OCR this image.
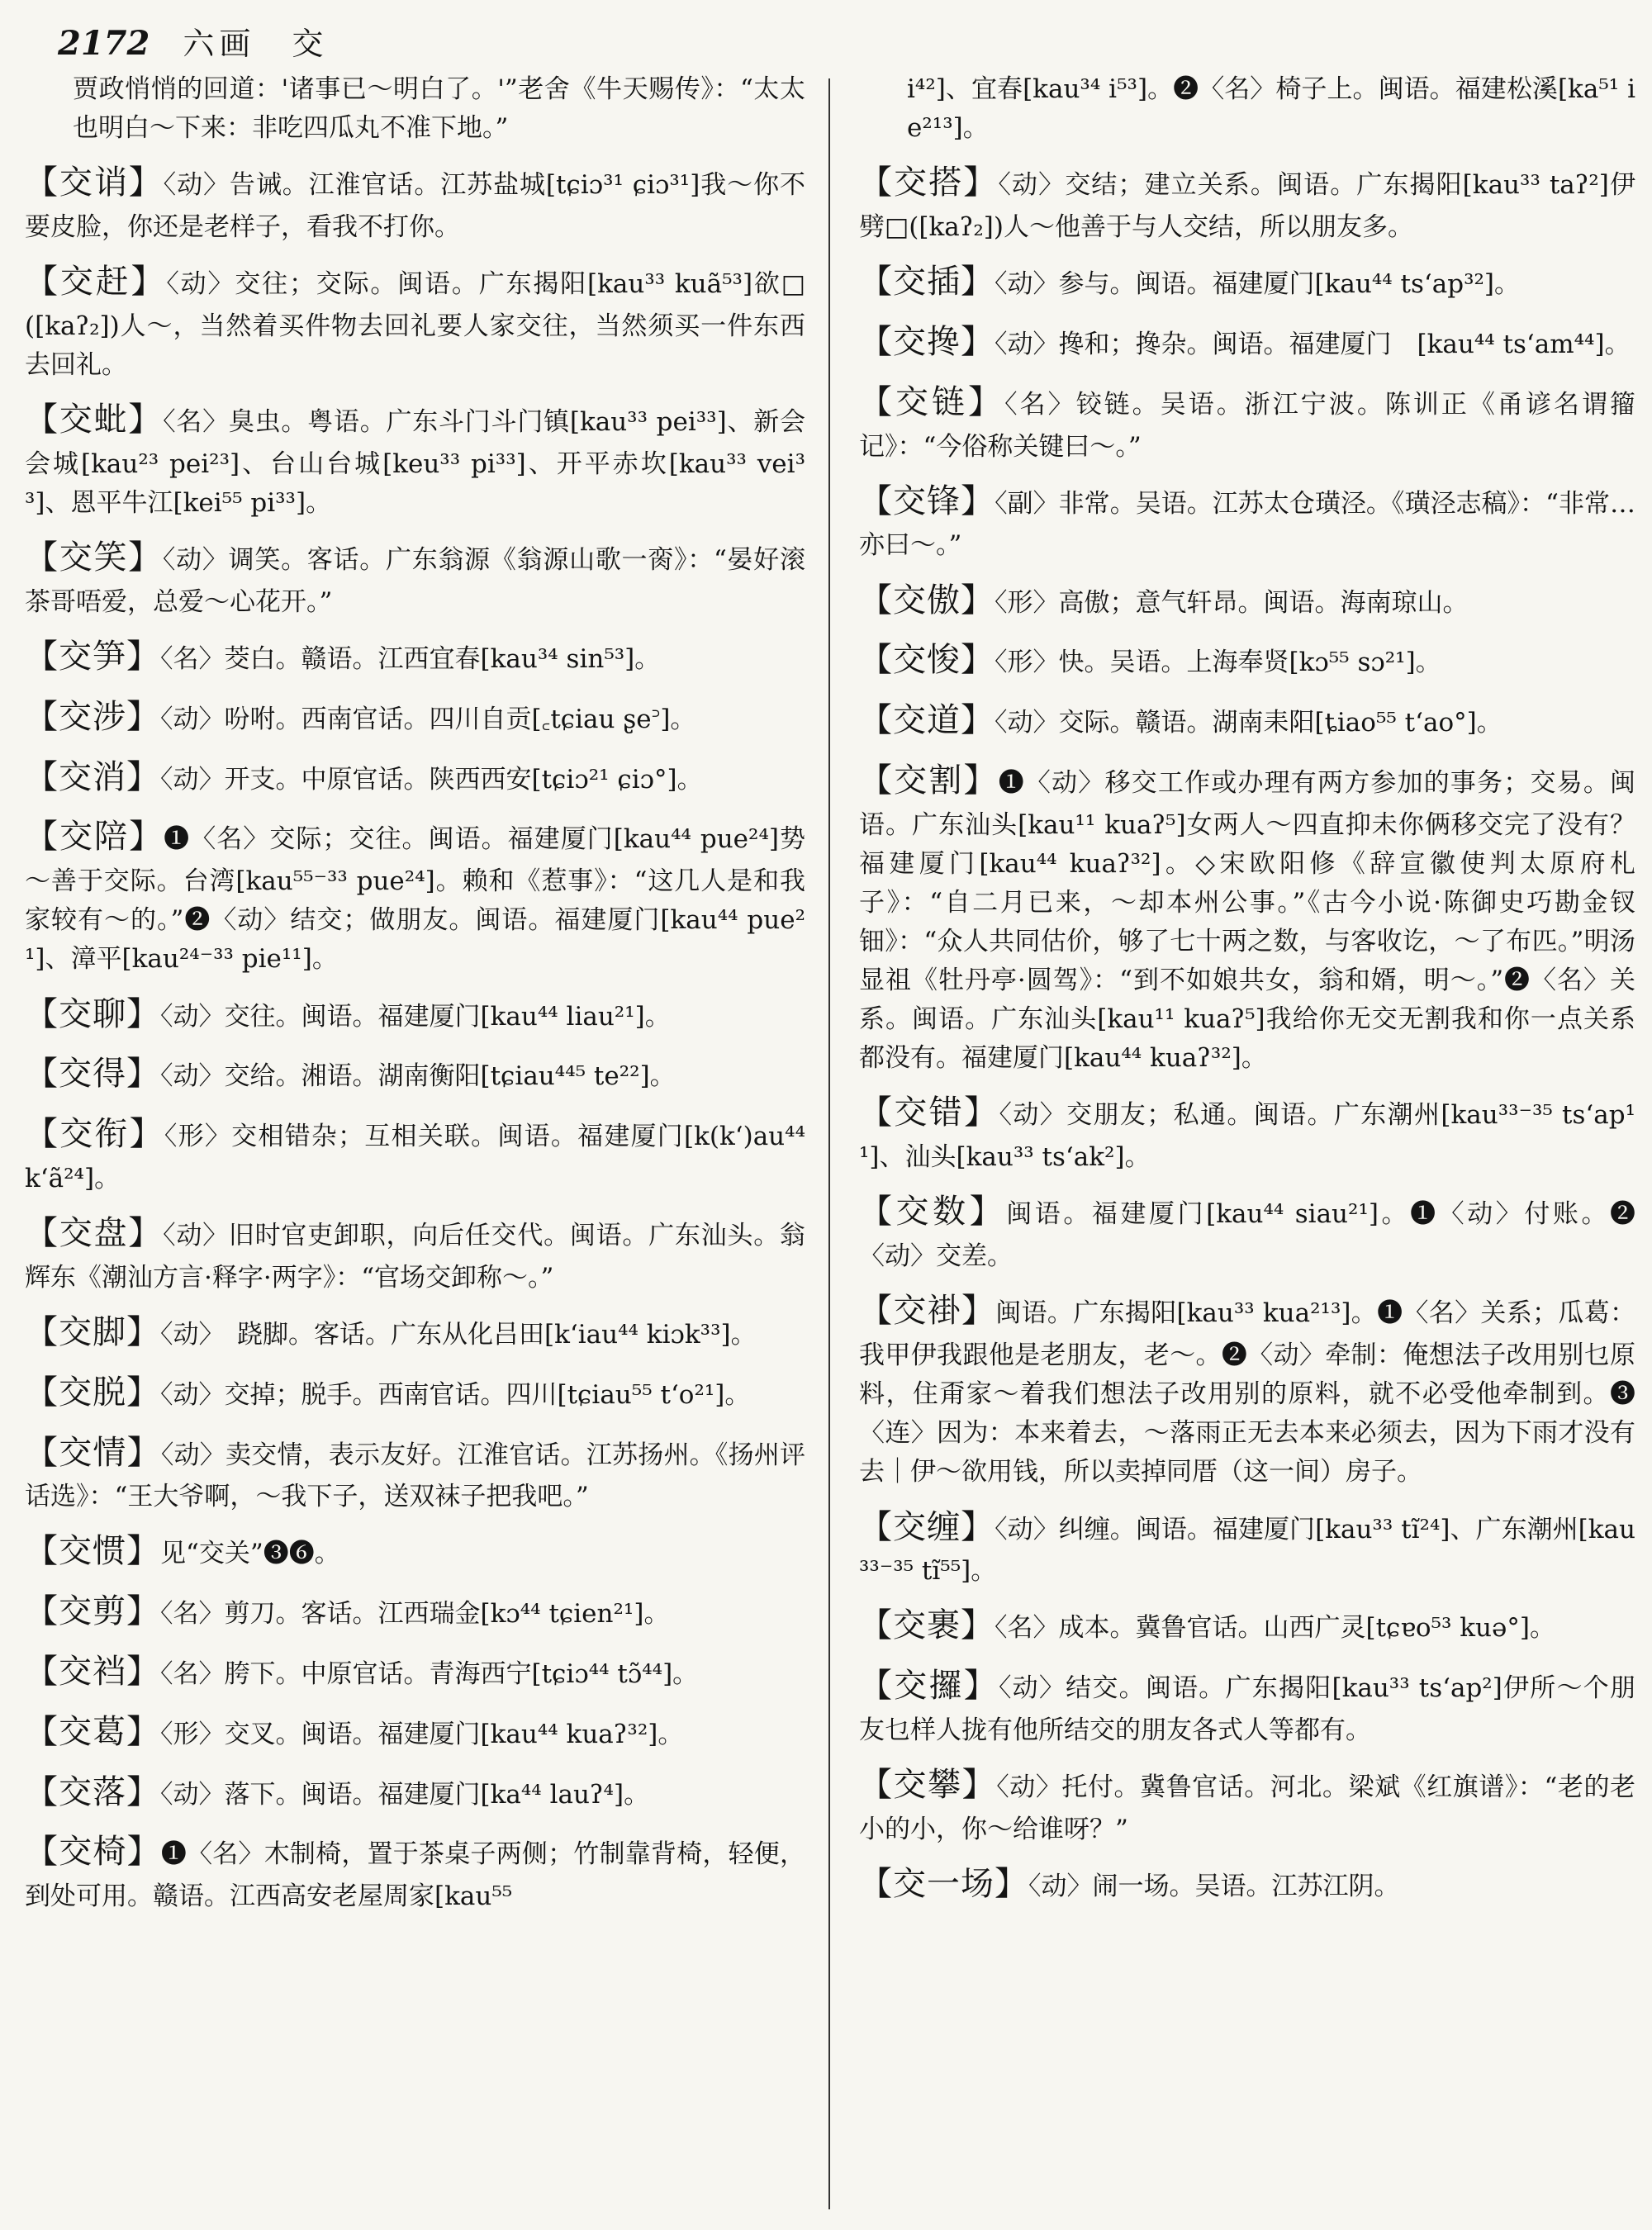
2172 六画　交
贾政悄悄的回道：'诸事已～明白了。'”老舍《牛天赐传》：“太太也明白～下来：非吃四瓜丸不准下地。”
【交诮】〈动〉告诫。江淮官话。江苏盐城[tɕiɔ³¹ ɕiɔ³¹]我～你不要皮脸，你还是老样子，看我不打你。
【交赶】〈动〉交往；交际。闽语。广东揭阳[kau³³ kuã⁵³]欲□([kaʔ₂])人～，当然着买件物去回礼要人家交往，当然须买一件东西去回礼。
【交蚍】〈名〉臭虫。粤语。广东斗门斗门镇[kau³³ pei³³]、新会会城[kau²³ pei²³]、台山台城[keu³³ pi³³]、开平赤坎[kau³³ vei³³]、恩平牛江[kei⁵⁵ pi³³]。
【交笑】〈动〉调笑。客话。广东翁源《翁源山歌一脔》：“晏好滚茶哥唔爱，总爱～心花开。”
【交笋】〈名〉茭白。赣语。江西宜春[kau³⁴ sin⁵³]。
【交涉】〈动〉吩咐。西南官话。四川自贡[꜀tɕiau ʂe꜄]。
【交消】〈动〉开支。中原官话。陕西西安[tɕiɔ²¹ ɕiɔ°]。
【交陪】❶〈名〉交际；交往。闽语。福建厦门[kau⁴⁴ pue²⁴]势～善于交际。台湾[kau⁵⁵⁻³³ pue²⁴]。赖和《惹事》：“这几人是和我家较有～的。”❷〈动〉结交；做朋友。闽语。福建厦门[kau⁴⁴ pue²¹]、漳平[kau²⁴⁻³³ pie¹¹]。
【交聊】〈动〉交往。闽语。福建厦门[kau⁴⁴ liau²¹]。
【交得】〈动〉交给。湘语。湖南衡阳[tɕiau⁴⁴⁵ te²²]。
【交衔】〈形〉交相错杂；互相关联。闽语。福建厦门[k(k‘)au⁴⁴ k‘ã²⁴]。
【交盘】〈动〉旧时官吏卸职，向后任交代。闽语。广东汕头。翁辉东《潮汕方言·释字·两字》：“官场交卸称～。”
【交脚】〈动〉　跷脚。客话。广东从化吕田[k‘iau⁴⁴ kiɔk³³]。
【交脱】〈动〉交掉；脱手。西南官话。四川[tɕiau⁵⁵ t‘o²¹]。
【交情】〈动〉卖交情，表示友好。江淮官话。江苏扬州。《扬州评话选》：“王大爷啊，～我下子，送双袜子把我吧。”
【交惯】见“交关”❸❻。
【交剪】〈名〉剪刀。客话。江西瑞金[kɔ⁴⁴ tɕien²¹]。
【交裆】〈名〉胯下。中原官话。青海西宁[tɕiɔ⁴⁴ tɔ̃⁴⁴]。
【交葛】〈形〉交叉。闽语。福建厦门[kau⁴⁴ kuaʔ³²]。
【交落】〈动〉落下。闽语。福建厦门[ka⁴⁴ lauʔ⁴]。
【交椅】❶〈名〉木制椅，置于茶桌子两侧；竹制靠背椅，轻便，到处可用。赣语。江西高安老屋周家[kau⁵⁵
i⁴²]、宜春[kau³⁴ i⁵³]。❷〈名〉椅子上。闽语。福建松溪[ka⁵¹ ie²¹³]。
【交搭】〈动〉交结；建立关系。闽语。广东揭阳[kau³³ taʔ²]伊劈□([kaʔ₂])人～他善于与人交结，所以朋友多。
【交插】〈动〉参与。闽语。福建厦门[kau⁴⁴ ts‘ap³²]。
【交搀】〈动〉搀和；搀杂。闽语。福建厦门　[kau⁴⁴ ts‘am⁴⁴]。
【交链】〈名〉铰链。吴语。浙江宁波。陈训正《甬谚名谓籀记》：“今俗称关键曰～。”
【交锋】〈副〉非常。吴语。江苏太仓璜泾。《璜泾志稿》：“非常…亦曰～。”
【交傲】〈形〉高傲；意气轩昂。闽语。海南琼山。
【交悛】〈形〉快。吴语。上海奉贤[kɔ⁵⁵ sɔ²¹]。
【交道】〈动〉交际。赣语。湖南耒阳[ȶiao⁵⁵ t‘ao°]。
【交割】❶〈动〉移交工作或办理有两方参加的事务；交易。闽语。广东汕头[kau¹¹ kuaʔ⁵]女两人～四直抑未你俩移交完了没有？福建厦门[kau⁴⁴ kuaʔ³²]。◇宋欧阳修《辞宣徽使判太原府札子》：“自二月已来，～却本州公事。”《古今小说·陈御史巧勘金钗钿》：“众人共同估价，够了七十两之数，与客收讫，～了布匹。”明汤显祖《牡丹亭·圆驾》：“到不如娘共女，翁和婿，明～。”❷〈名〉关系。闽语。广东汕头[kau¹¹ kuaʔ⁵]我给你无交无割我和你一点关系都没有。福建厦门[kau⁴⁴ kuaʔ³²]。
【交错】〈动〉交朋友；私通。闽语。广东潮州[kau³³⁻³⁵ ts‘ap¹¹]、汕头[kau³³ ts‘ak²]。
【交数】闽语。福建厦门[kau⁴⁴ siau²¹]。❶〈动〉付账。❷〈动〉交差。
【交褂】闽语。广东揭阳[kau³³ kua²¹³]。❶〈名〉关系；瓜葛：我甲伊我跟他是老朋友，老～。❷〈动〉牵制：俺想法子改用别乜原料，住甭家～着我们想法子改用别的原料，就不必受他牵制到。❸〈连〉因为：本来着去，～落雨正无去本来必须去，因为下雨才没有去｜伊～欲用钱，所以卖掉同厝（这一间）房子。
【交缠】〈动〉纠缠。闽语。福建厦门[kau³³ tĩ²⁴]、广东潮州[kau³³⁻³⁵ tĩ⁵⁵]。
【交裹】〈名〉成本。冀鲁官话。山西广灵[tɕɐo⁵³ kuə°]。
【交攞】〈动〉结交。闽语。广东揭阳[kau³³ ts‘ap²]伊所～个朋友乜样人拢有他所结交的朋友各式人等都有。
【交攀】〈动〉托付。冀鲁官话。河北。梁斌《红旗谱》：“老的老小的小，你～给谁呀？”
【交一场】〈动〉闹一场。吴语。江苏江阴。
